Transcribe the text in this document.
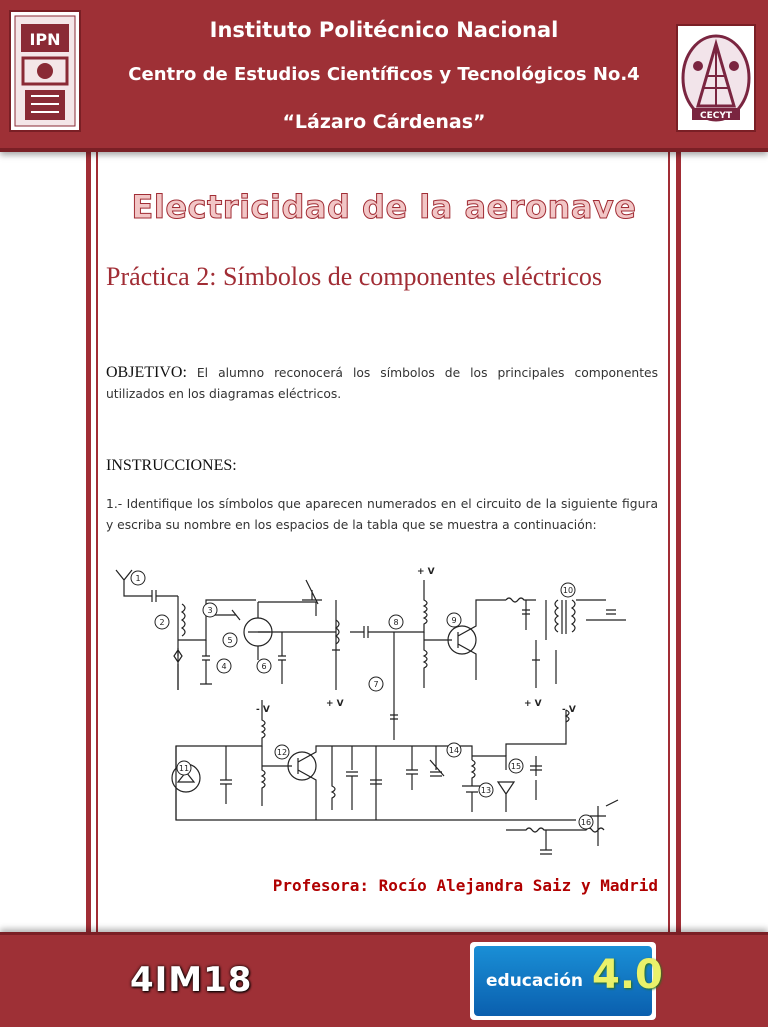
IPN	Instituto Politécnico Nacional
Centro de Estudios Científicos y Tecnológicos No.4
“Lázaro Cárdenas”	CECYT
Electricidad de la aeronave
Práctica 2: Símbolos de componentes eléctricos
OBJETIVO: El alumno reconocerá los símbolos de los principales componentes utilizados en los diagramas eléctricos.
INSTRUCCIONES:
1.- Identifique los símbolos que aparecen numerados en el circuito de la siguiente figura y escriba su nombre en los espacios de la tabla que se muestra a continuación:
+ V
+ V	+ V
- V	- V
1
2
3
4
5
6
7
8	9
10
11
12
13
14
15
16
Profesora: Rocío Alejandra Saiz y Madrid
4IM18	educación 4.0
